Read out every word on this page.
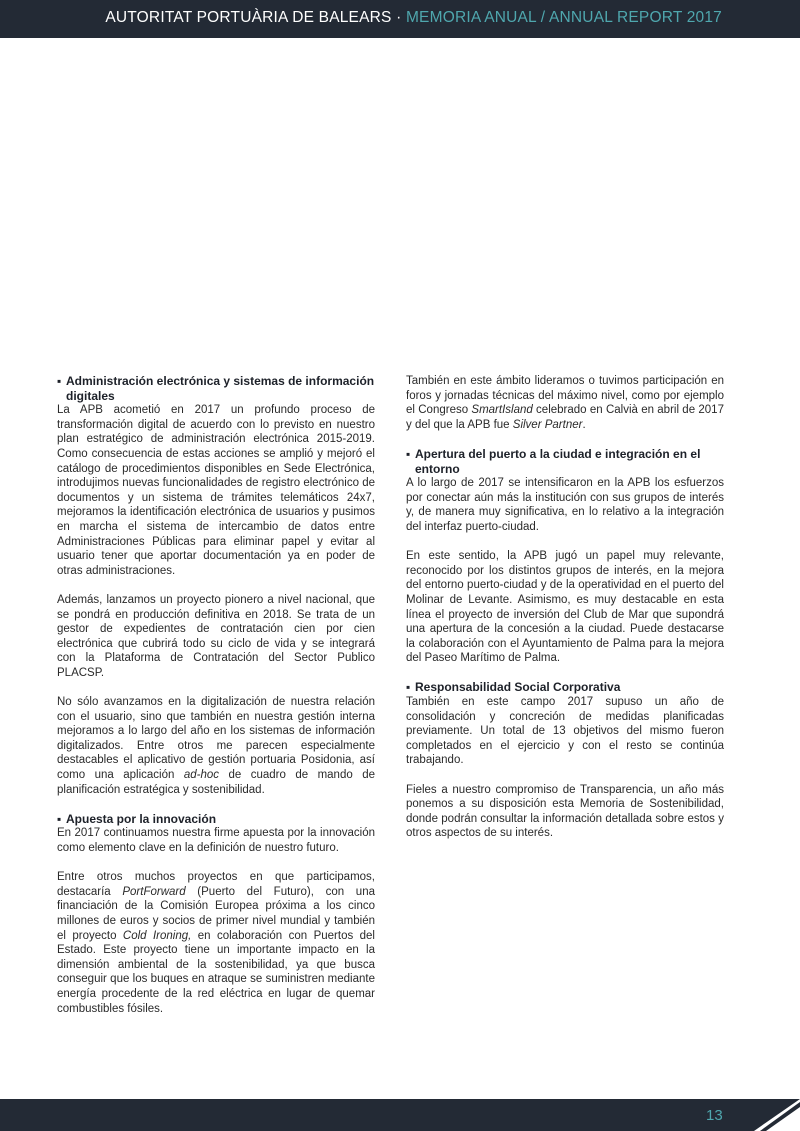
AUTORITAT PORTUÀRIA DE BALEARS · MEMORIA ANUAL / ANNUAL REPORT 2017
▪ Administración electrónica y sistemas de información digitales

La APB acometió en 2017 un profundo proceso de transformación digital de acuerdo con lo previsto en nuestro plan estratégico de administración electrónica 2015-2019. Como consecuencia de estas acciones se amplió y mejoró el catálogo de procedimientos disponibles en Sede Electrónica, introdujimos nuevas funcionalidades de registro electrónico de documentos y un sistema de trámites telemáticos 24x7, mejoramos la identificación electrónica de usuarios y pusimos en marcha el sistema de intercambio de datos entre Administraciones Públicas para eliminar papel y evitar al usuario tener que aportar documentación ya en poder de otras administraciones.

Además, lanzamos un proyecto pionero a nivel nacional, que se pondrá en producción definitiva en 2018. Se trata de un gestor de expedientes de contratación cien por cien electrónica que cubrirá todo su ciclo de vida y se integrará con la Plataforma de Contratación del Sector Publico PLACSP.

No sólo avanzamos en la digitalización de nuestra relación con el usuario, sino que también en nuestra gestión interna mejoramos a lo largo del año en los sistemas de información digitalizados. Entre otros me parecen especialmente destacables el aplicativo de gestión portuaria Posidonia, así como una aplicación ad-hoc de cuadro de mando de planificación estratégica y sostenibilidad.

▪ Apuesta por la innovación

En 2017 continuamos nuestra firme apuesta por la innovación como elemento clave en la definición de nuestro futuro.

Entre otros muchos proyectos en que participamos, destacaría PortForward (Puerto del Futuro), con una financiación de la Comisión Europea próxima a los cinco millones de euros y socios de primer nivel mundial y también el proyecto Cold Ironing, en colaboración con Puertos del Estado. Este proyecto tiene un importante impacto en la dimensión ambiental de la sostenibilidad, ya que busca conseguir que los buques en atraque se suministren mediante energía procedente de la red eléctrica en lugar de quemar combustibles fósiles.

También en este ámbito lideramos o tuvimos participación en foros y jornadas técnicas del máximo nivel, como por ejemplo el Congreso SmartIsland celebrado en Calvià en abril de 2017 y del que la APB fue Silver Partner.

▪ Apertura del puerto a la ciudad e integración en el entorno

A lo largo de 2017 se intensificaron en la APB los esfuerzos por conectar aún más la institución con sus grupos de interés y, de manera muy significativa, en lo relativo a la integración del interfaz puerto-ciudad.

En este sentido, la APB jugó un papel muy relevante, reconocido por los distintos grupos de interés, en la mejora del entorno puerto-ciudad y de la operatividad en el puerto del Molinar de Levante. Asimismo, es muy destacable en esta línea el proyecto de inversión del Club de Mar que supondrá una apertura de la concesión a la ciudad. Puede destacarse la colaboración con el Ayuntamiento de Palma para la mejora del Paseo Marítimo de Palma.

▪ Responsabilidad Social Corporativa

También en este campo 2017 supuso un año de consolidación y concreción de medidas planificadas previamente. Un total de 13 objetivos del mismo fueron completados en el ejercicio y con el resto se continúa trabajando.

Fieles a nuestro compromiso de Transparencia, un año más ponemos a su disposición esta Memoria de Sostenibilidad, donde podrán consultar la información detallada sobre estos y otros aspectos de su interés.

13
